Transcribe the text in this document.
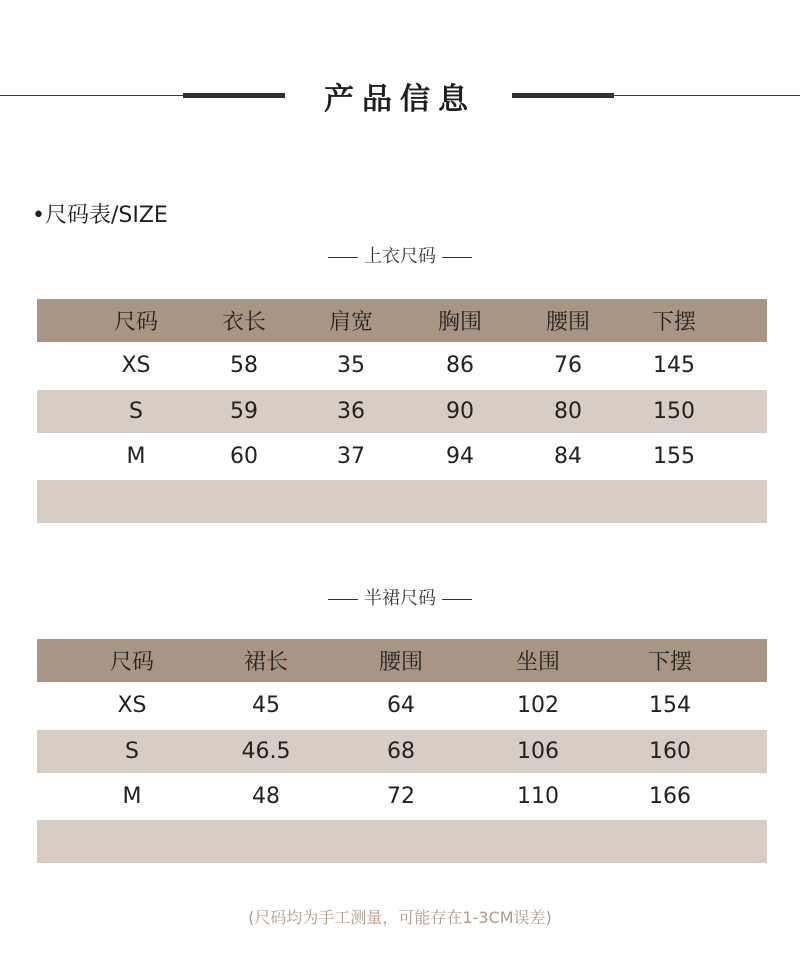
产品信息
•尺码表/SIZE
上衣尺码
尺码	衣长	肩宽	胸围	腰围	下摆
XS	58	35	86	76	145
S	59	36	90	80	150
M	60	37	94	84	155
半裙尺码
尺码	裙长	腰围	坐围	下摆
XS	45	64	102	154
S	46.5	68	106	160
M	48	72	110	166
(尺码均为手工测量，可能存在1-3CM误差)
